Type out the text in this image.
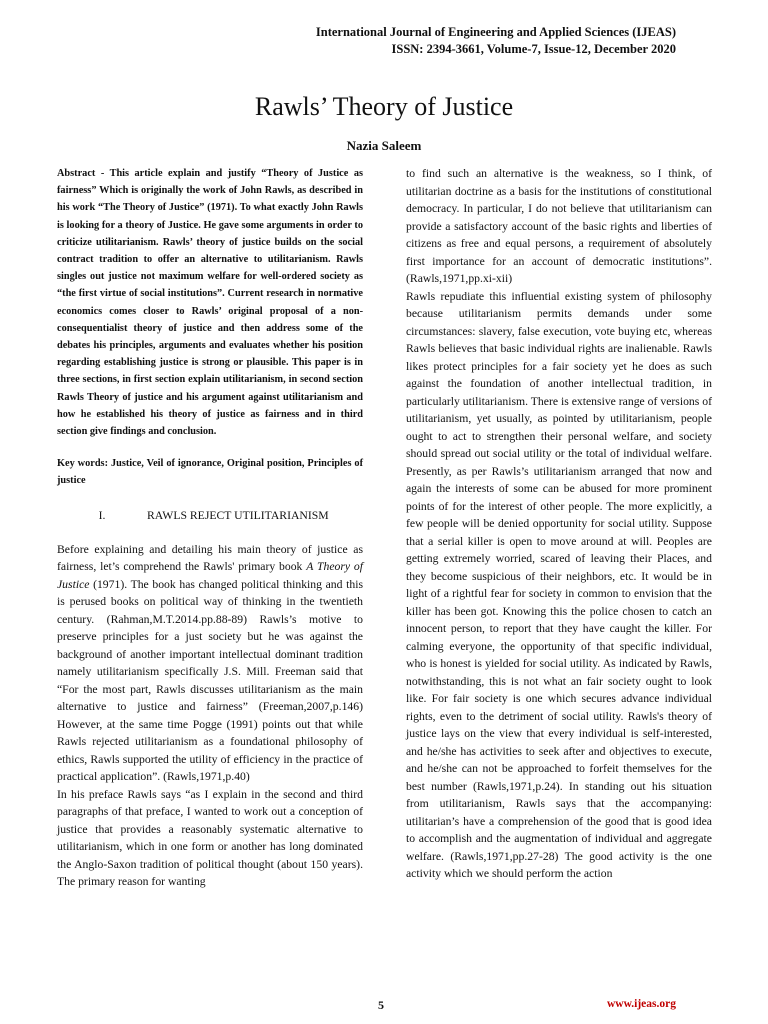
International Journal of Engineering and Applied Sciences (IJEAS)
ISSN: 2394-3661, Volume-7, Issue-12, December 2020
Rawls’ Theory of Justice
Nazia Saleem

Abstract - This article explain and justify “Theory of Justice as fairness” Which is originally the work of John Rawls, as described in his work “The Theory of Justice” (1971). To what exactly John Rawls is looking for a theory of Justice. He gave some arguments in order to criticize utilitarianism. Rawls’ theory of justice builds on the social contract tradition to offer an alternative to utilitarianism. Rawls singles out justice not maximum welfare for well-ordered society as “the first virtue of social institutions”. Current research in normative economics comes closer to Rawls’ original proposal of a non-consequentialist theory of justice and then address some of the debates his principles, arguments and evaluates whether his position regarding establishing justice is strong or plausible. This paper is in three sections, in first section explain utilitarianism, in second section Rawls Theory of justice and his argument against utilitarianism and how he established his theory of justice as fairness and in third section give findings and conclusion.

Key words: Justice, Veil of ignorance, Original position, Principles of justice

I.	RAWLS REJECT UTILITARIANISM

Before explaining and detailing his main theory of justice as fairness, let’s comprehend the Rawls' primary book A Theory of Justice (1971). The book has changed political thinking and this is perused books on political way of thinking in the twentieth century. (Rahman,M.T.2014.pp.88-89) Rawls’s motive to preserve principles for a just society but he was against the background of another important intellectual dominant tradition namely utilitarianism specifically J.S. Mill. Freeman said that “For the most part, Rawls discusses utilitarianism as the main alternative to justice and fairness” (Freeman,2007,p.146) However, at the same time Pogge (1991) points out that while Rawls rejected utilitarianism as a foundational philosophy of ethics, Rawls supported the utility of efficiency in the practice of practical application”. (Rawls,1971,p.40)

In his preface Rawls says “as I explain in the second and third paragraphs of that preface, I wanted to work out a conception of justice that provides a reasonably systematic alternative to utilitarianism, which in one form or another has long dominated the Anglo-Saxon tradition of political thought (about 150 years). The primary reason for wanting

to find such an alternative is the weakness, so I think, of utilitarian doctrine as a basis for the institutions of constitutional democracy. In particular, I do not believe that utilitarianism can provide a satisfactory account of the basic rights and liberties of citizens as free and equal persons, a requirement of absolutely first importance for an account of democratic institutions”.(Rawls,1971,pp.xi-xii)

Rawls repudiate this influential existing system of philosophy because utilitarianism permits demands under some circumstances: slavery, false execution, vote buying etc, whereas Rawls believes that basic individual rights are inalienable. Rawls likes protect principles for a fair society yet he does as such against the foundation of another intellectual tradition, in particularly utilitarianism. There is extensive range of versions of utilitarianism, yet usually, as pointed by utilitarianism, people ought to act to strengthen their personal welfare, and society should spread out social utility or the total of individual welfare. Presently, as per Rawls’s utilitarianism arranged that now and again the interests of some can be abused for more prominent points of for the interest of other people. The more explicitly, a few people will be denied opportunity for social utility. Suppose that a serial killer is open to move around at will. Peoples are getting extremely worried, scared of leaving their Places, and they become suspicious of their neighbors, etc. It would be in light of a rightful fear for society in common to envision that the killer has been got. Knowing this the police chosen to catch an innocent person, to report that they have caught the killer. For calming everyone, the opportunity of that specific individual, who is honest is yielded for social utility. As indicated by Rawls, notwithstanding, this is not what an fair society ought to look like. For fair society is one which secures advance individual rights, even to the detriment of social utility. Rawls's theory of justice lays on the view that every individual is self-interested, and he/she has activities to seek after and objectives to execute, and he/she can not be approached to forfeit themselves for the best number (Rawls,1971,p.24). In standing out his situation from utilitarianism, Rawls says that the accompanying: utilitarian’s have a comprehension of the good that is good idea to accomplish and the augmentation of individual and aggregate welfare. (Rawls,1971,pp.27-28) The good activity is the one activity which we should perform the action

5	www.ijeas.org
